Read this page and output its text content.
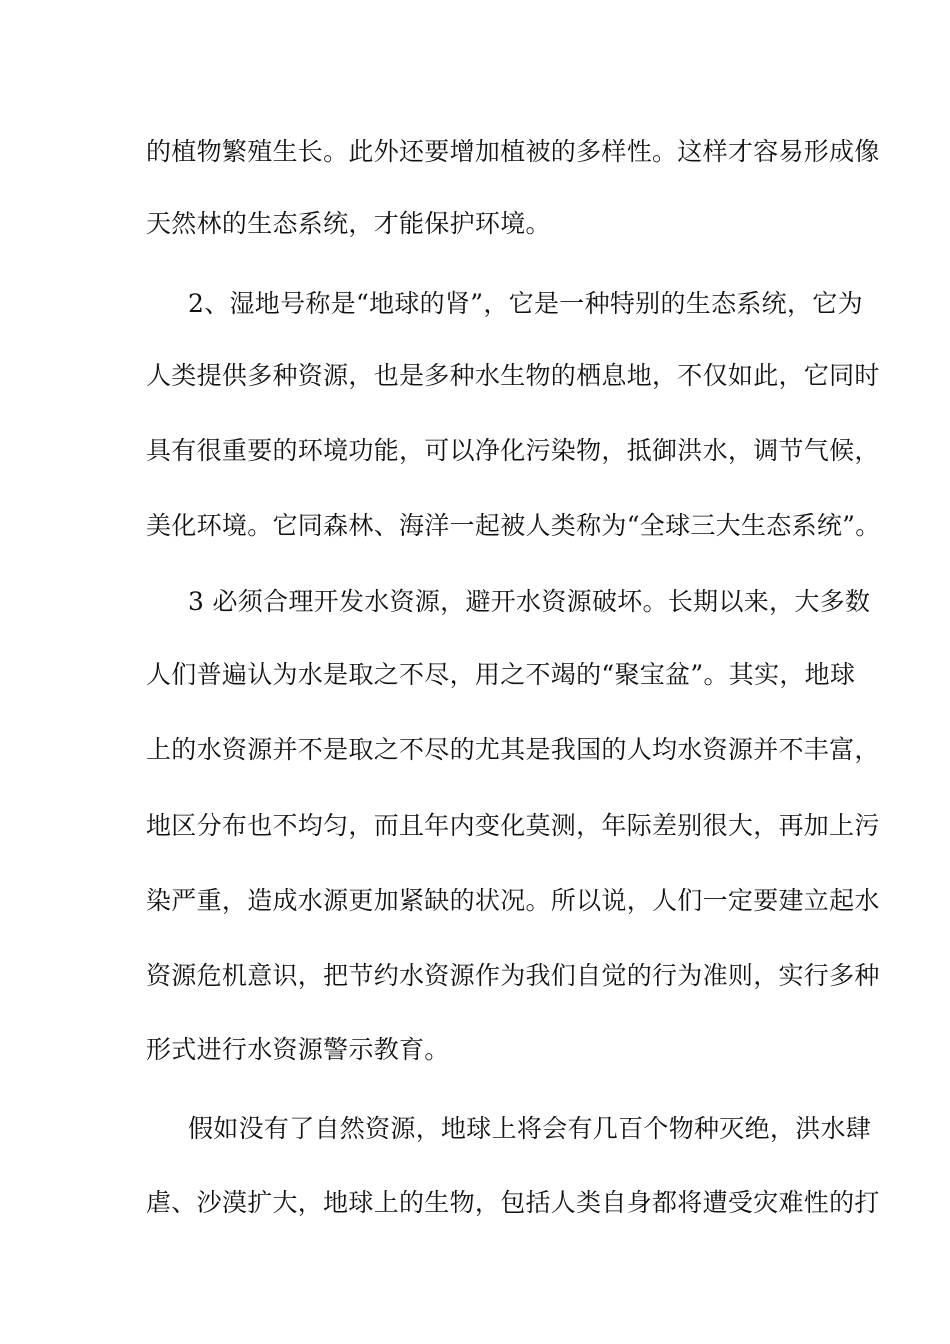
的植物繁殖生长。此外还要增加植被的多样性。这样才容易形成像
天然林的生态系统，才能保护环境。
2、湿地号称是“地球的肾”，它是一种特别的生态系统，它为
人类提供多种资源，也是多种水生物的栖息地，不仅如此，它同时
具有很重要的环境功能，可以净化污染物，抵御洪水，调节气候，
美化环境。它同森林、海洋一起被人类称为“全球三大生态系统”。
3 必须合理开发水资源，避开水资源破坏。长期以来，大多数
人们普遍认为水是取之不尽，用之不竭的“聚宝盆”。其实，地球
上的水资源并不是取之不尽的尤其是我国的人均水资源并不丰富，
地区分布也不均匀，而且年内变化莫测，年际差别很大，再加上污
染严重，造成水源更加紧缺的状况。所以说，人们一定要建立起水
资源危机意识，把节约水资源作为我们自觉的行为准则，实行多种
形式进行水资源警示教育。
假如没有了自然资源，地球上将会有几百个物种灭绝，洪水肆
虐、沙漠扩大，地球上的生物，包括人类自身都将遭受灾难性的打
